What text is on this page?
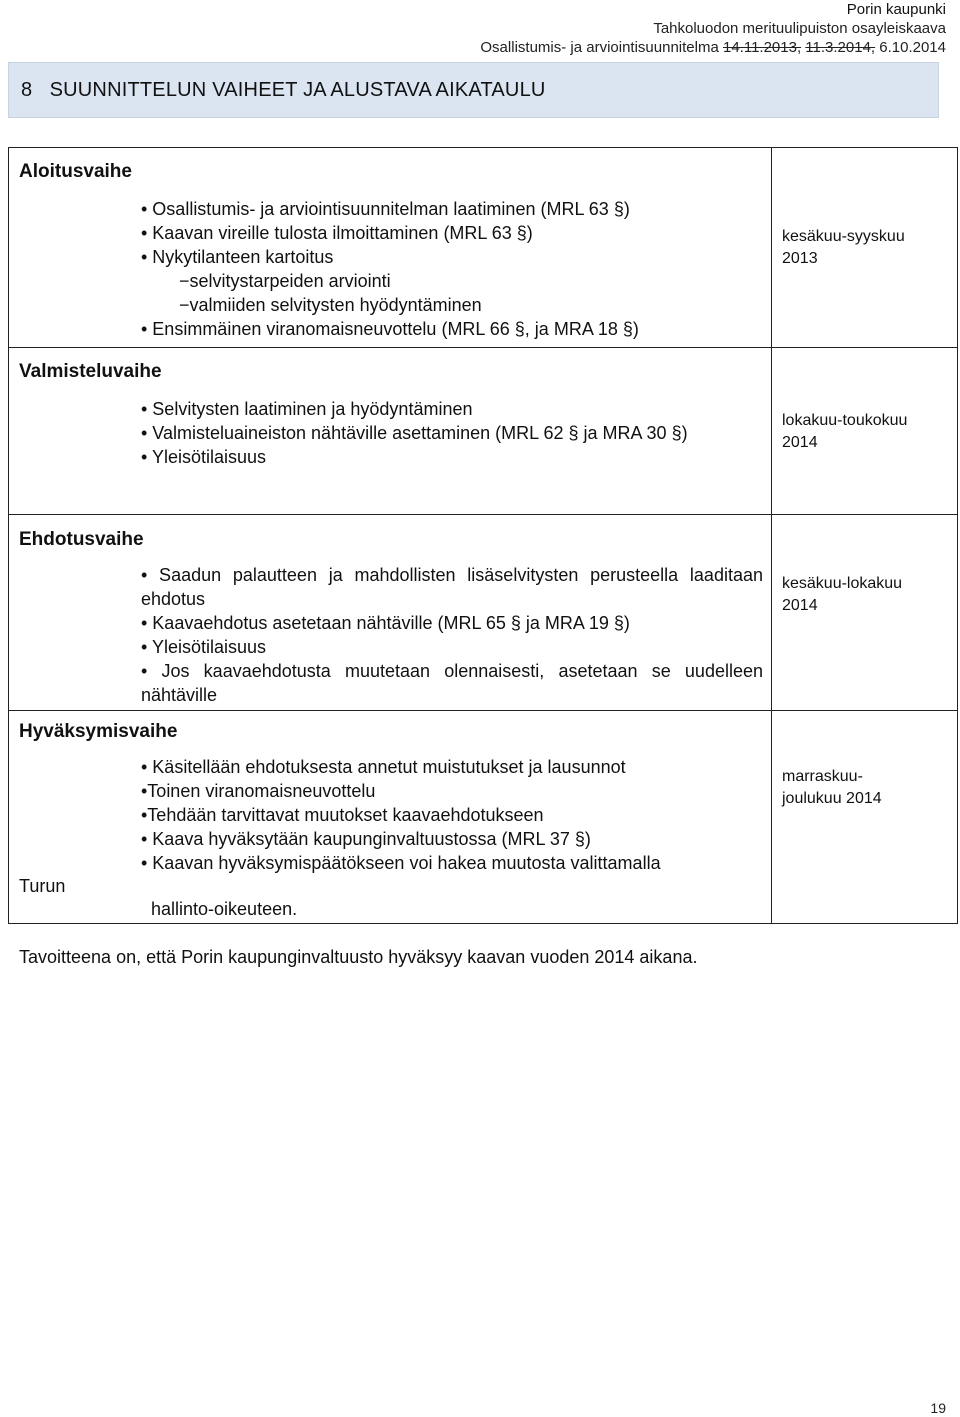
Porin kaupunki
Tahkoluodon merituulipuiston osayleiskaava
Osallistumis- ja arviointisuunnitelma 14.11.2013, 11.3.2014, 6.10.2014
8   SUUNNITTELUN VAIHEET JA ALUSTAVA AIKATAULU
Aloitusvaihe
• Osallistumis- ja arviointisuunnitelman laatiminen (MRL 63 §)
• Kaavan vireille tulosta ilmoittaminen (MRL 63 §)
• Nykytilanteen kartoitus
−selvitystarpeiden arviointi
−valmiiden selvitysten hyödyntäminen
• Ensimmäinen viranomaisneuvottelu (MRL 66 §, ja MRA 18 §)
kesäkuu-syyskuu 2013
Valmisteluvaihe
• Selvitysten laatiminen ja hyödyntäminen
• Valmisteluaineiston nähtäville asettaminen (MRL 62 § ja MRA 30 §)
• Yleisötilaisuus
lokakuu-toukokuu 2014
Ehdotusvaihe
• Saadun palautteen ja mahdollisten lisäselvitysten perusteella laaditaan ehdotus
• Kaavaehdotus asetetaan nähtäville (MRL 65 § ja MRA 19 §)
• Yleisötilaisuus
• Jos kaavaehdotusta muutetaan olennaisesti, asetetaan se uudelleen nähtäville
kesäkuu-lokakuu 2014
Hyväksymisvaihe
• Käsitellään ehdotuksesta annetut muistutukset ja lausunnot
•Toinen viranomaisneuvottelu
•Tehdään tarvittavat muutokset kaavaehdotukseen
• Kaava hyväksytään kaupunginvaltuustossa (MRL 37 §)
• Kaavan hyväksymispäätökseen voi hakea muutosta valittamalla
hallinto-oikeuteen.
Turun
marraskuu- joulukuu 2014
Tavoitteena on, että Porin kaupunginvaltuusto hyväksyy kaavan vuoden 2014 aikana.
19
